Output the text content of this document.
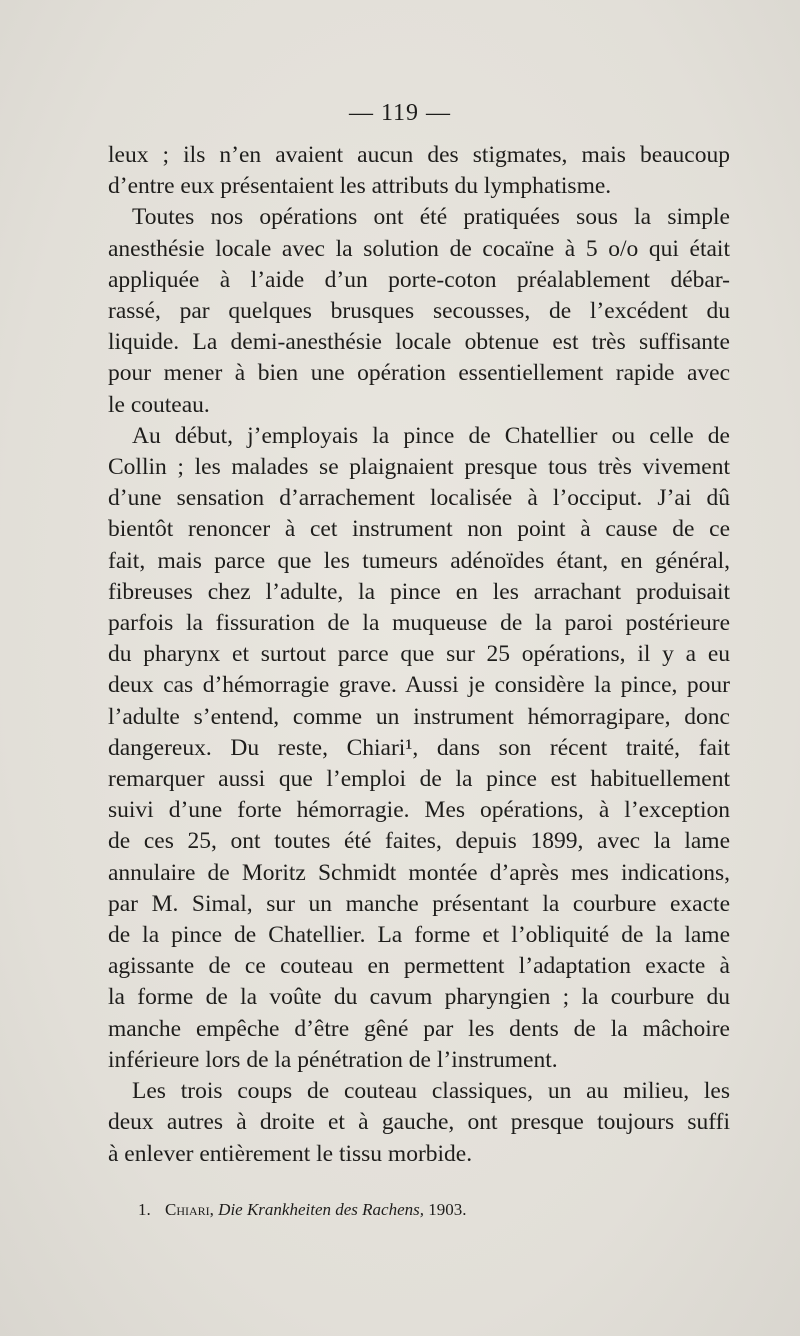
— 119 —
leux ; ils n’en avaient aucun des stigmates, mais beaucoup
d’entre eux présentaient les attributs du lymphatisme.
Toutes nos opérations ont été pratiquées sous la simple
anesthésie locale avec la solution de cocaïne à 5 o/o qui était
appliquée à l’aide d’un porte-coton préalablement débar-
rassé, par quelques brusques secousses, de l’excédent du
liquide. La demi-anesthésie locale obtenue est très suffisante
pour mener à bien une opération essentiellement rapide avec
le couteau.
Au début, j’employais la pince de Chatellier ou celle de
Collin ; les malades se plaignaient presque tous très vivement
d’une sensation d’arrachement localisée à l’occiput. J’ai dû
bientôt renoncer à cet instrument non point à cause de ce
fait, mais parce que les tumeurs adénoïdes étant, en général,
fibreuses chez l’adulte, la pince en les arrachant produisait
parfois la fissuration de la muqueuse de la paroi postérieure
du pharynx et surtout parce que sur 25 opérations, il y a eu
deux cas d’hémorragie grave. Aussi je considère la pince, pour
l’adulte s’entend, comme un instrument hémorragipare, donc
dangereux. Du reste, Chiari¹, dans son récent traité, fait
remarquer aussi que l’emploi de la pince est habituellement
suivi d’une forte hémorragie. Mes opérations, à l’exception
de ces 25, ont toutes été faites, depuis 1899, avec la lame
annulaire de Moritz Schmidt montée d’après mes indications,
par M. Simal, sur un manche présentant la courbure exacte
de la pince de Chatellier. La forme et l’obliquité de la lame
agissante de ce couteau en permettent l’adaptation exacte à
la forme de la voûte du cavum pharyngien ; la courbure du
manche empêche d’être gêné par les dents de la mâchoire
inférieure lors de la pénétration de l’instrument.
Les trois coups de couteau classiques, un au milieu, les
deux autres à droite et à gauche, ont presque toujours suffi
à enlever entièrement le tissu morbide.
1. Chiari, Die Krankheiten des Rachens, 1903.
